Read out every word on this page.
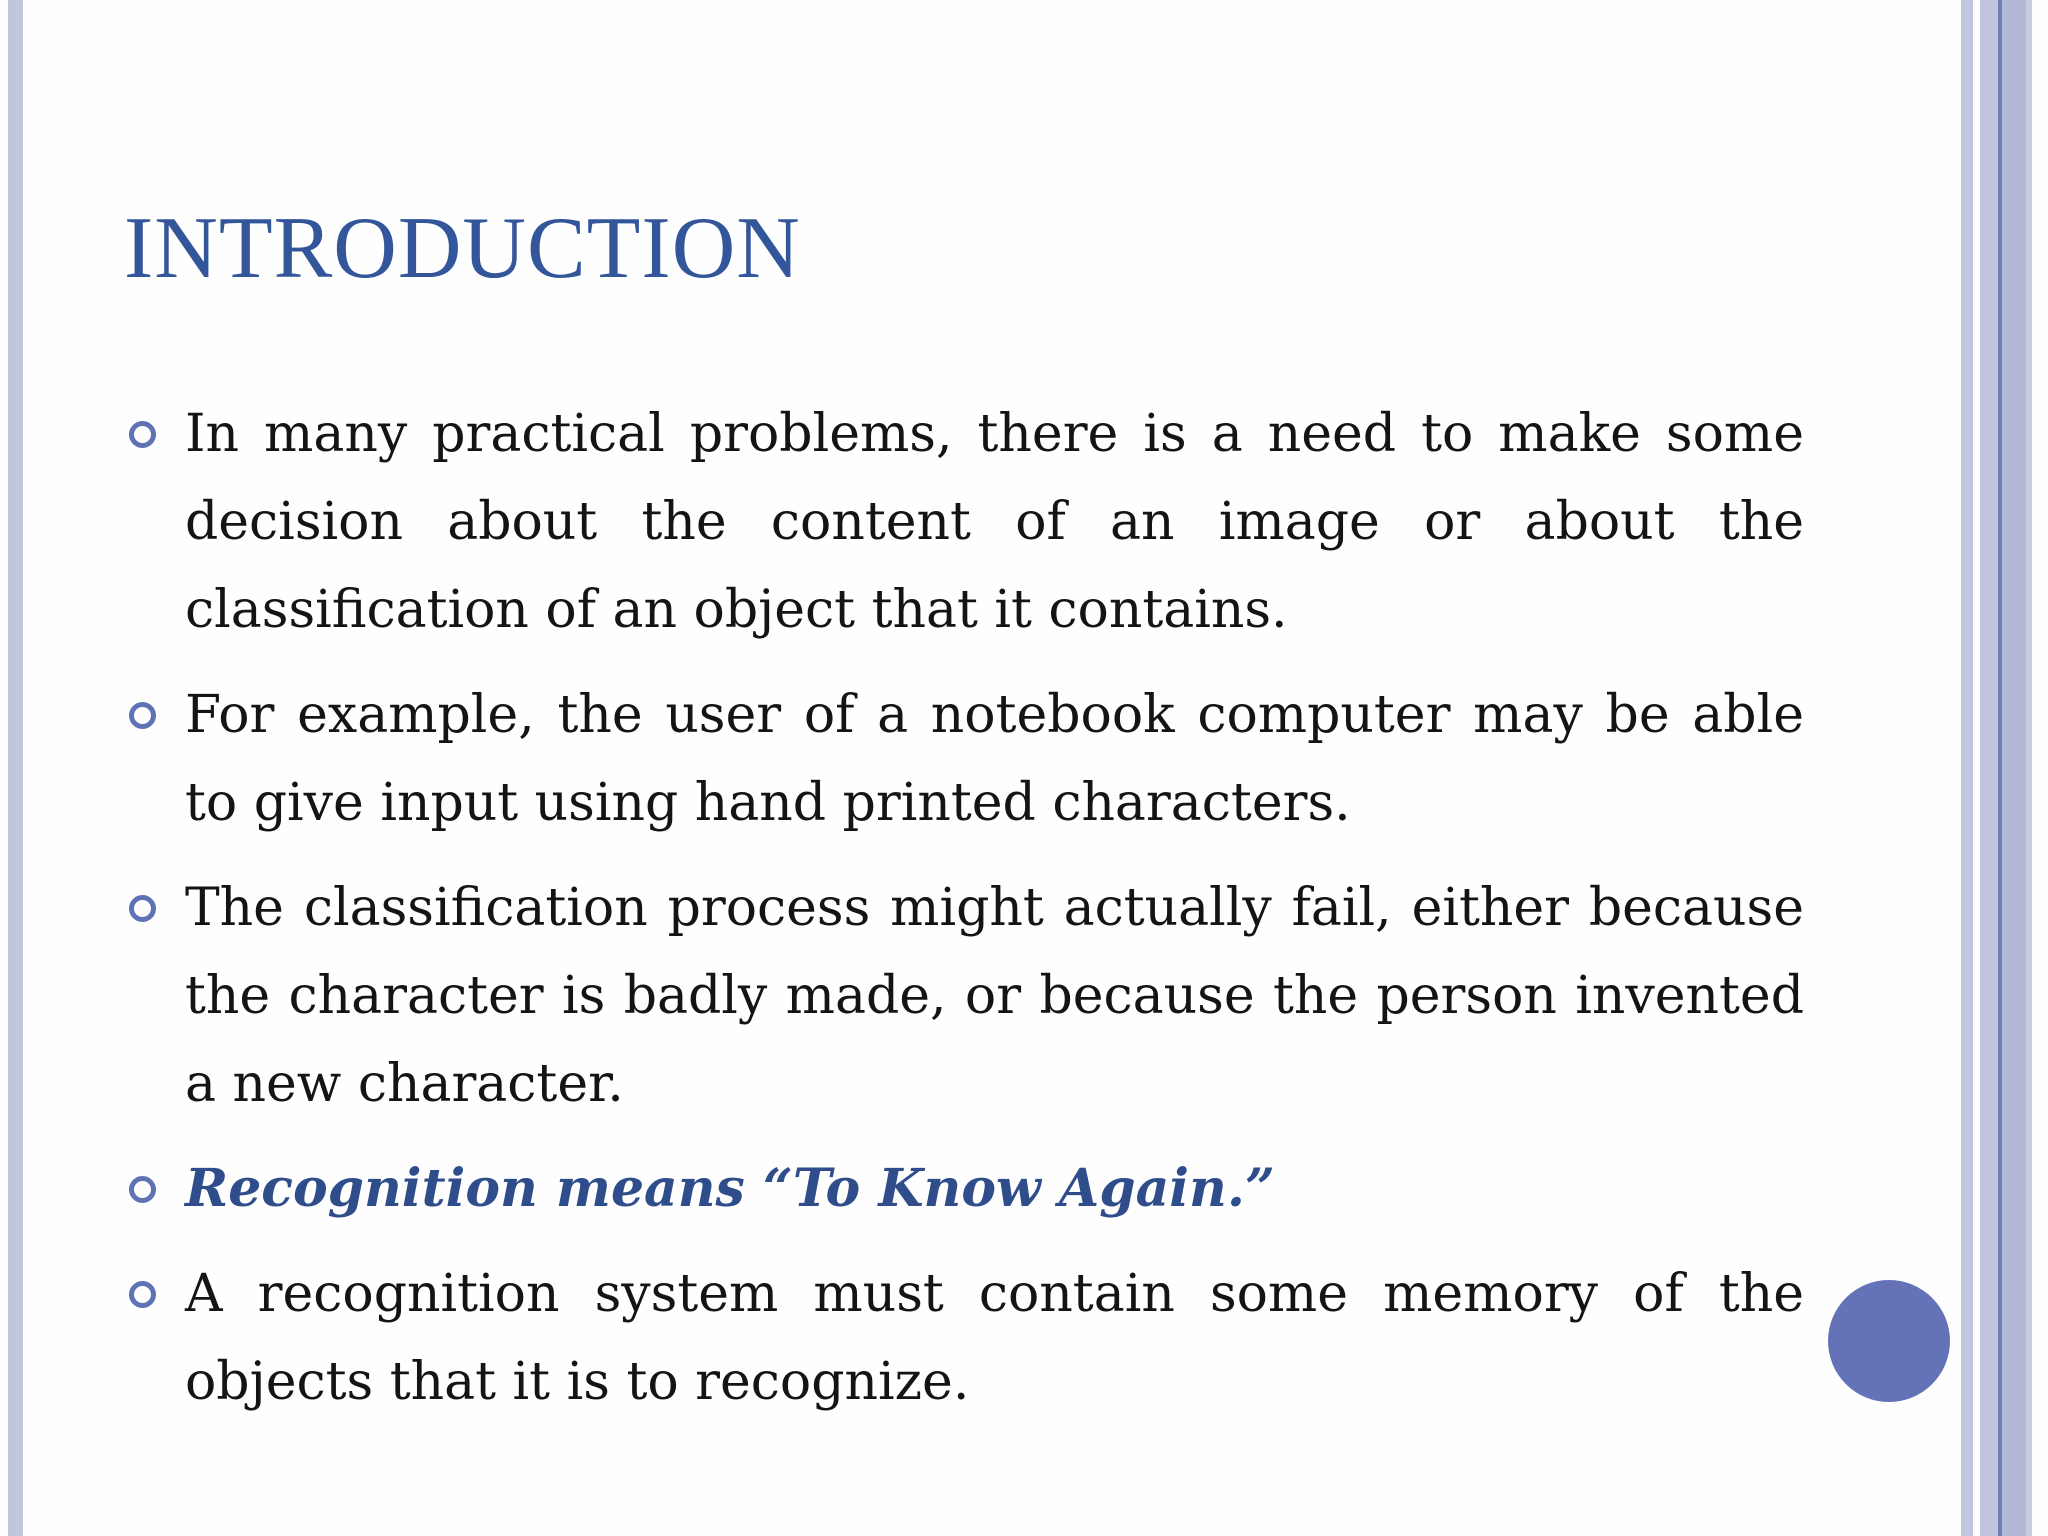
INTRODUCTION
In many practical problems, there is a need to make some decision about the content of an image or about the classification of an object that it contains.
For example, the user of a notebook computer may be able to give input using hand printed characters.
The classification process might actually fail, either because the character is badly made, or because the person invented a new character.
Recognition means “To Know Again.”
A recognition system must contain some memory of the objects that it is to recognize.
